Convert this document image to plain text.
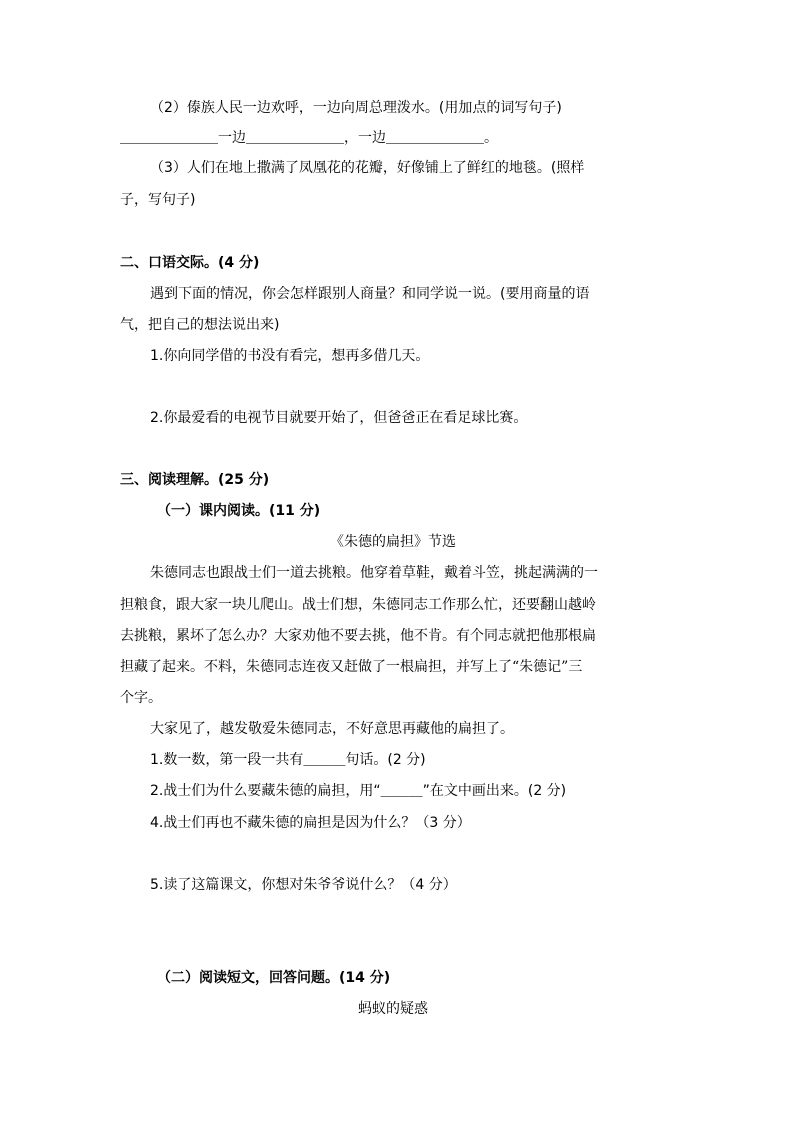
（2）傣族人民一边欢呼，一边向周总理泼水。(用加点的词写句子)
＿＿＿＿＿＿＿一边＿＿＿＿＿＿＿，一边＿＿＿＿＿＿＿。
（3）人们在地上撒满了凤凰花的花瓣，好像铺上了鲜红的地毯。(照样
子，写句子)
二、口语交际。(4 分)
遇到下面的情况，你会怎样跟别人商量？和同学说一说。(要用商量的语
气，把自己的想法说出来)
1.你向同学借的书没有看完，想再多借几天。
2.你最爱看的电视节目就要开始了，但爸爸正在看足球比赛。
三、阅读理解。(25 分)
（一）课内阅读。(11 分)
《朱德的扁担》节选
朱德同志也跟战士们一道去挑粮。他穿着草鞋，戴着斗笠，挑起满满的一
担粮食，跟大家一块儿爬山。战士们想，朱德同志工作那么忙，还要翻山越岭
去挑粮，累坏了怎么办？大家劝他不要去挑，他不肯。有个同志就把他那根扁
担藏了起来。不料，朱德同志连夜又赶做了一根扁担，并写上了“朱德记”三
个字。
大家见了，越发敬爱朱德同志，不好意思再藏他的扁担了。
1.数一数，第一段一共有＿＿＿句话。(2 分)
2.战士们为什么要藏朱德的扁担，用“＿＿＿”在文中画出来。(2 分)
4.战士们再也不藏朱德的扁担是因为什么？（3 分）
5.读了这篇课文，你想对朱爷爷说什么？（4 分）
（二）阅读短文，回答问题。(14 分)
蚂蚁的疑惑
